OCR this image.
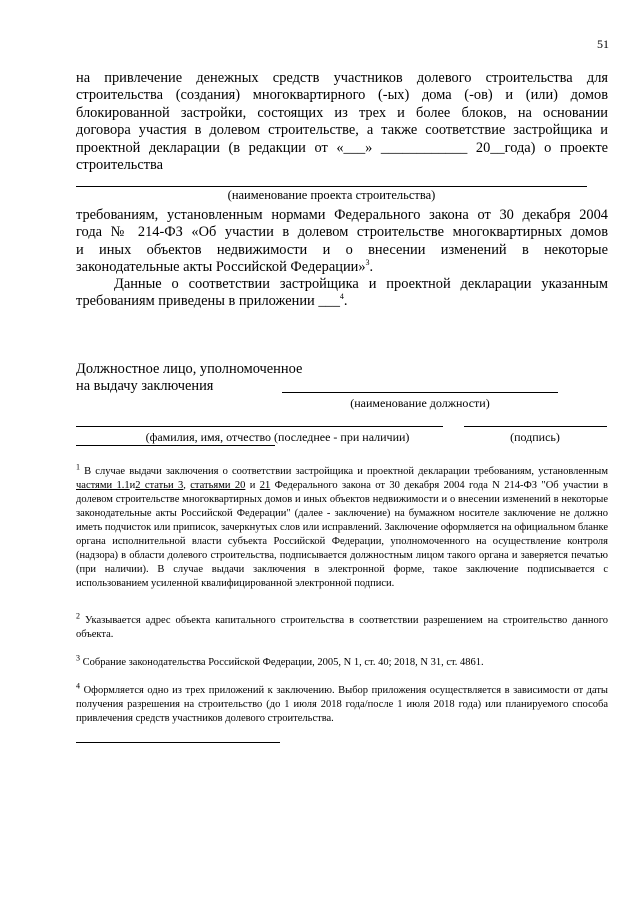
51
на привлечение денежных средств участников долевого строительства для
строительства (создания) многоквартирного (-ых) дома (-ов) и (или) домов
блокированной застройки, состоящих из трех и более блоков, на основании
договора участия в долевом строительстве, а также соответствие застройщика и
проектной декларации (в редакции от «___» ____________ 20__года) о проекте
строительства
(наименование проекта строительства)
требованиям, установленным нормами Федерального закона от 30 декабря 2004
года № 214-ФЗ «Об участии в долевом строительстве многоквартирных домов
и иных объектов недвижимости и о внесении изменений в некоторые
законодательные акты Российской Федерации»$^3$.
Данные о соответствии застройщика и проектной декларации указанным
требованиям приведены в приложении ___$^4$.
Должностное лицо, уполномоченное
на выдачу заключения
(наименование должности)
(фамилия, имя, отчество (последнее - при наличии)	(подпись)
$^1$ В случае выдачи заключения о соответствии застройщика и проектной декларации требованиям, установленным частями 1.1и2 статьи 3, статьями 20 и 21 Федерального закона от 30 декабря 2004 года N 214-ФЗ "Об участии в долевом строительстве многоквартирных домов и иных объектов недвижимости и о внесении изменений в некоторые законодательные акты Российской Федерации" (далее - заключение) на бумажном носителе заключение не должно иметь подчисток или приписок, зачеркнутых слов или исправлений. Заключение оформляется на официальном бланке органа исполнительной власти субъекта Российской Федерации, уполномоченного на осуществление контроля (надзора) в области долевого строительства, подписывается должностным лицом такого органа и заверяется печатью (при наличии). В случае выдачи заключения в электронной форме, такое заключение подписывается с использованием усиленной квалифицированной электронной подписи.
$^2$ Указывается адрес объекта капитального строительства в соответствии разрешением на строительство данного объекта.
$^3$ Собрание законодательства Российской Федерации, 2005, N 1, ст. 40; 2018, N 31, ст. 4861.
$^4$ Оформляется одно из трех приложений к заключению. Выбор приложения осуществляется в зависимости от даты получения разрешения на строительство (до 1 июля 2018 года/после 1 июля 2018 года) или планируемого способа привлечения средств участников долевого строительства.
